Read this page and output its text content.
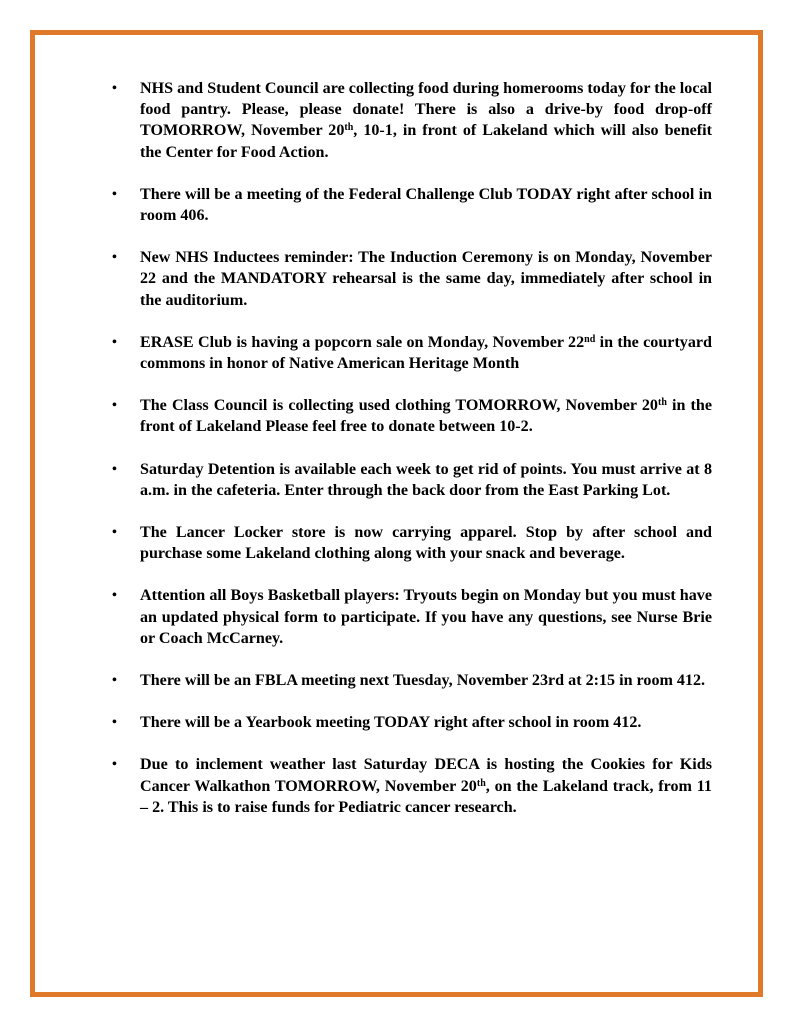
• NHS and Student Council are collecting food during homerooms today for the local food pantry. Please, please donate! There is also a drive-by food drop-off TOMORROW, November 20th, 10-1, in front of Lakeland which will also benefit the Center for Food Action.
• There will be a meeting of the Federal Challenge Club TODAY right after school in room 406.
• New NHS Inductees reminder: The Induction Ceremony is on Monday, November 22 and the MANDATORY rehearsal is the same day, immediately after school in the auditorium.
• ERASE Club is having a popcorn sale on Monday, November 22nd in the courtyard commons in honor of Native American Heritage Month
• The Class Council is collecting used clothing TOMORROW, November 20th in the front of Lakeland Please feel free to donate between 10-2.
• Saturday Detention is available each week to get rid of points. You must arrive at 8 a.m. in the cafeteria. Enter through the back door from the East Parking Lot.
• The Lancer Locker store is now carrying apparel. Stop by after school and purchase some Lakeland clothing along with your snack and beverage.
• Attention all Boys Basketball players: Tryouts begin on Monday but you must have an updated physical form to participate. If you have any questions, see Nurse Brie or Coach McCarney.
• There will be an FBLA meeting next Tuesday, November 23rd at 2:15 in room 412.
• There will be a Yearbook meeting TODAY right after school in room 412.
• Due to inclement weather last Saturday DECA is hosting the Cookies for Kids Cancer Walkathon TOMORROW, November 20th, on the Lakeland track, from 11 – 2. This is to raise funds for Pediatric cancer research.
